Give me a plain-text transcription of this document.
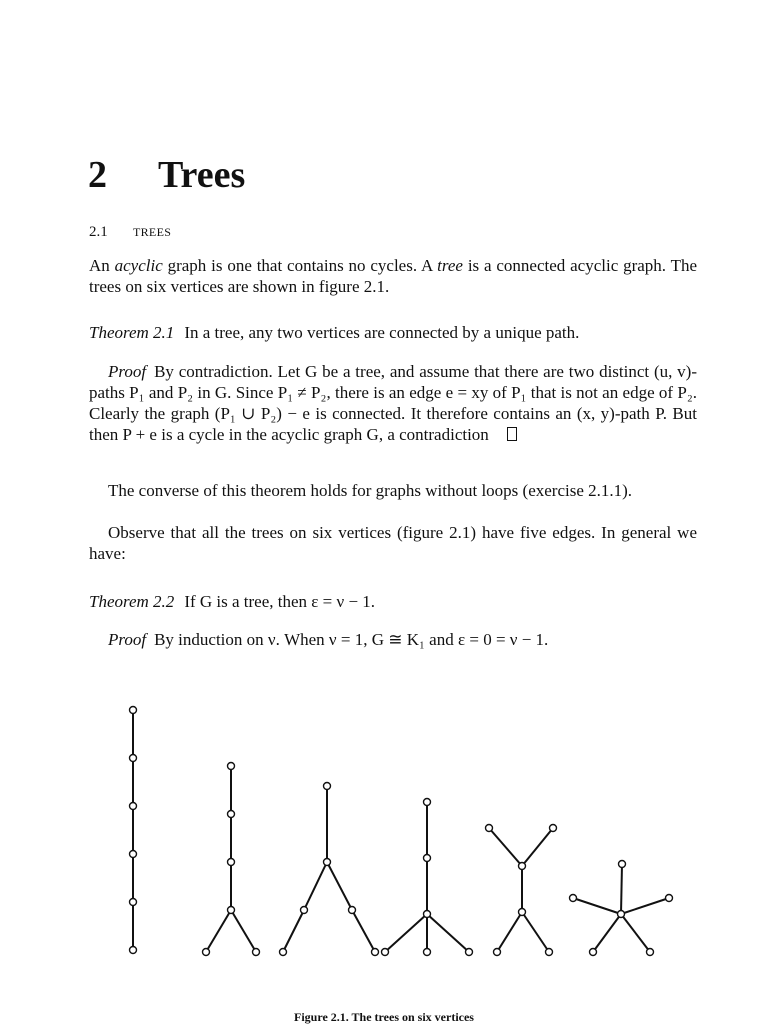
2 Trees
2.1 TREES

An acyclic graph is one that contains no cycles. A tree is a connected acyclic graph. The trees on six vertices are shown in figure 2.1.

Theorem 2.1 In a tree, any two vertices are connected by a unique path.

Proof By contradiction. Let G be a tree, and assume that there are two distinct (u, v)-paths P₁ and P₂ in G. Since P₁ ≠ P₂, there is an edge e = xy of P₁ that is not an edge of P₂. Clearly the graph (P₁ ∪ P₂) − e is connected. It therefore contains an (x, y)-path P. But then P + e is a cycle in the acyclic graph G, a contradiction

The converse of this theorem holds for graphs without loops (exercise 2.1.1).

Observe that all the trees on six vertices (figure 2.1) have five edges. In general we have:

Theorem 2.2 If G is a tree, then ε = ν − 1.

Proof By induction on ν. When ν = 1, G ≅ K₁ and ε = 0 = ν − 1.

Figure 2.1. The trees on six vertices
